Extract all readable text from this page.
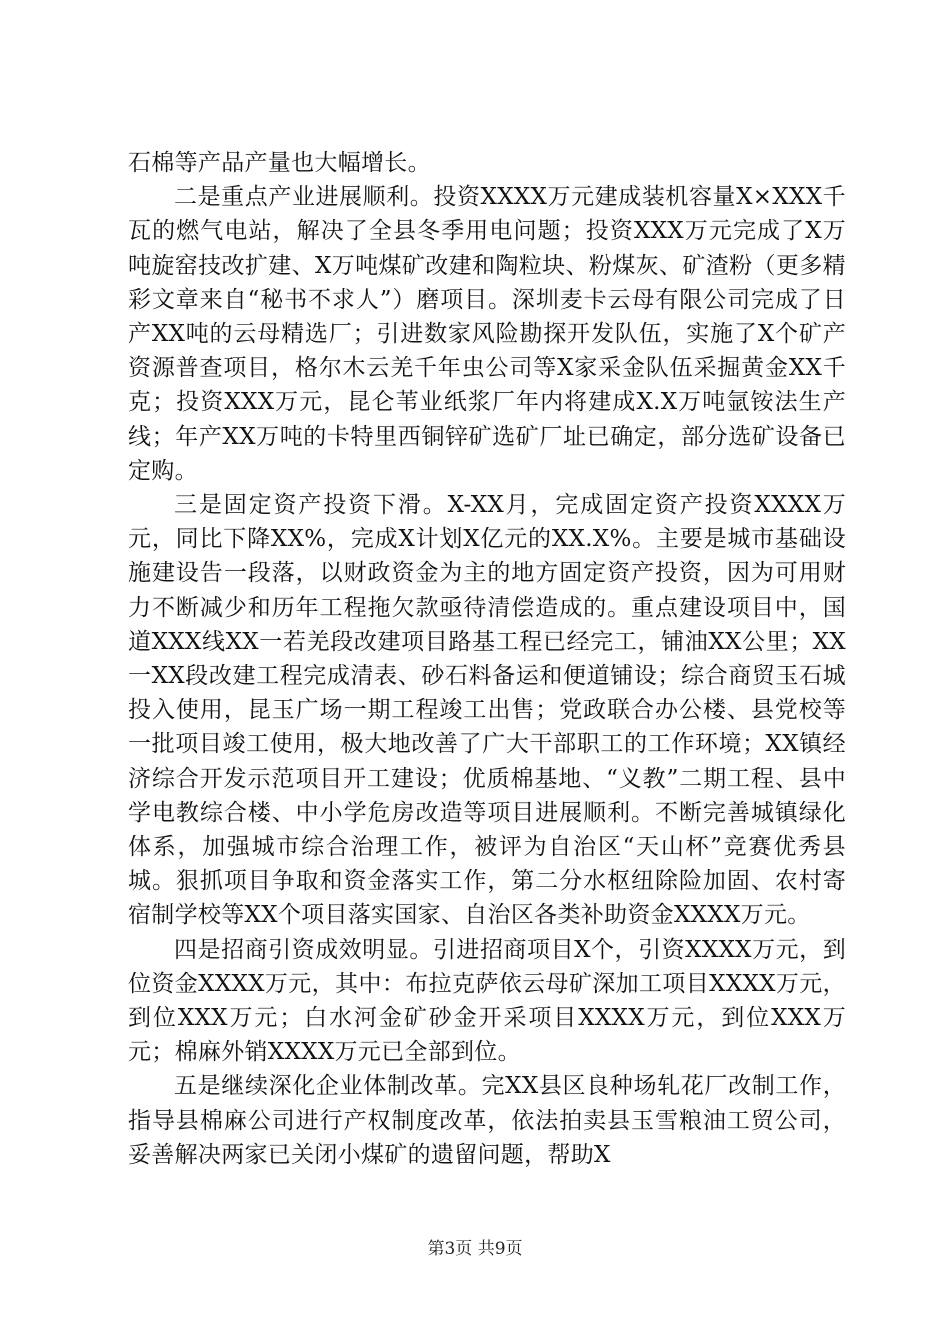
石棉等产品产量也大幅增长。

二是重点产业进展顺利。投资XXXX万元建成装机容量X×XXX千瓦的燃气电站，解决了全县冬季用电问题；投资XXX万元完成了X万吨旋窑技改扩建、X万吨煤矿改建和陶粒块、粉煤灰、矿渣粉（更多精彩文章来自“秘书不求人”）磨项目。深圳麦卡云母有限公司完成了日产XX吨的云母精选厂；引进数家风险勘探开发队伍，实施了X个矿产资源普查项目，格尔木云羌千年虫公司等X家采金队伍采掘黄金XX千克；投资XXX万元，昆仑苇业纸浆厂年内将建成X.X万吨氩铵法生产线；年产XX万吨的卡特里西铜锌矿选矿厂址已确定，部分选矿设备已定购。

三是固定资产投资下滑。X-XX月，完成固定资产投资XXXX万元，同比下降XX%，完成X计划X亿元的XX.X%。主要是城市基础设施建设告一段落，以财政资金为主的地方固定资产投资，因为可用财力不断减少和历年工程拖欠款亟待清偿造成的。重点建设项目中，国道XXX线XX一若羌段改建项目路基工程已经完工，铺油XX公里；XX一XX段改建工程完成清表、砂石料备运和便道铺设；综合商贸玉石城投入使用，昆玉广场一期工程竣工出售；党政联合办公楼、县党校等一批项目竣工使用，极大地改善了广大干部职工的工作环境；XX镇经济综合开发示范项目开工建设；优质棉基地、“义教”二期工程、县中学电教综合楼、中小学危房改造等项目进展顺利。不断完善城镇绿化体系，加强城市综合治理工作，被评为自治区“天山杯”竞赛优秀县城。狠抓项目争取和资金落实工作，第二分水枢纽除险加固、农村寄宿制学校等XX个项目落实国家、自治区各类补助资金XXXX万元。

四是招商引资成效明显。引进招商项目X个，引资XXXX万元，到位资金XXXX万元，其中：布拉克萨依云母矿深加工项目XXXX万元，到位XXX万元；白水河金矿砂金开采项目XXXX万元，到位XXX万元；棉麻外销XXXX万元已全部到位。

五是继续深化企业体制改革。完XX县区良种场轧花厂改制工作，指导县棉麻公司进行产权制度改革，依法拍卖县玉雪粮油工贸公司，妥善解决两家已关闭小煤矿的遗留问题，帮助X

第3页 共9页
